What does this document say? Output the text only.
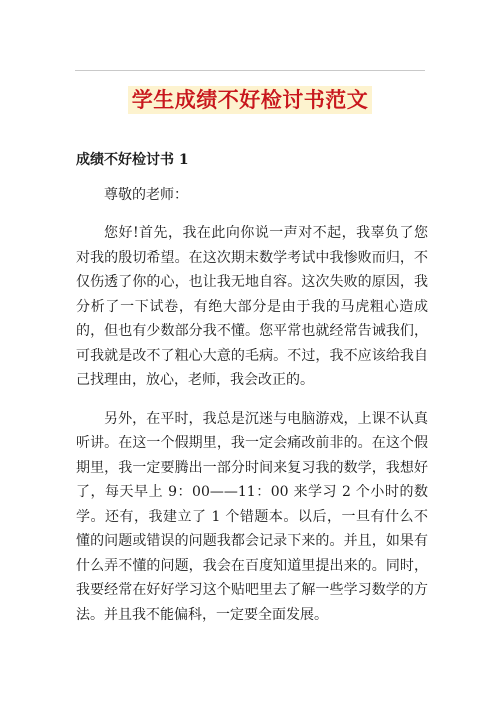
学生成绩不好检讨书范文

成绩不好检讨书 1

尊敬的老师：

您好!首先，我在此向你说一声对不起，我辜负了您对我的殷切希望。在这次期末数学考试中我惨败而归，不仅伤透了你的心，也让我无地自容。这次失败的原因，我分析了一下试卷，有绝大部分是由于我的马虎粗心造成的，但也有少数部分我不懂。您平常也就经常告诫我们，可我就是改不了粗心大意的毛病。不过，我不应该给我自己找理由，放心，老师，我会改正的。

另外，在平时，我总是沉迷与电脑游戏，上课不认真听讲。在这一个假期里，我一定会痛改前非的。在这个假期里，我一定要腾出一部分时间来复习我的数学，我想好了，每天早上 9：00——11：00 来学习 2 个小时的数学。还有，我建立了 1 个错题本。以后，一旦有什么不懂的问题或错误的问题我都会记录下来的。并且，如果有什么弄不懂的问题，我会在百度知道里提出来的。同时，我要经常在好好学习这个贴吧里去了解一些学习数学的方法。并且我不能偏科，一定要全面发展。
